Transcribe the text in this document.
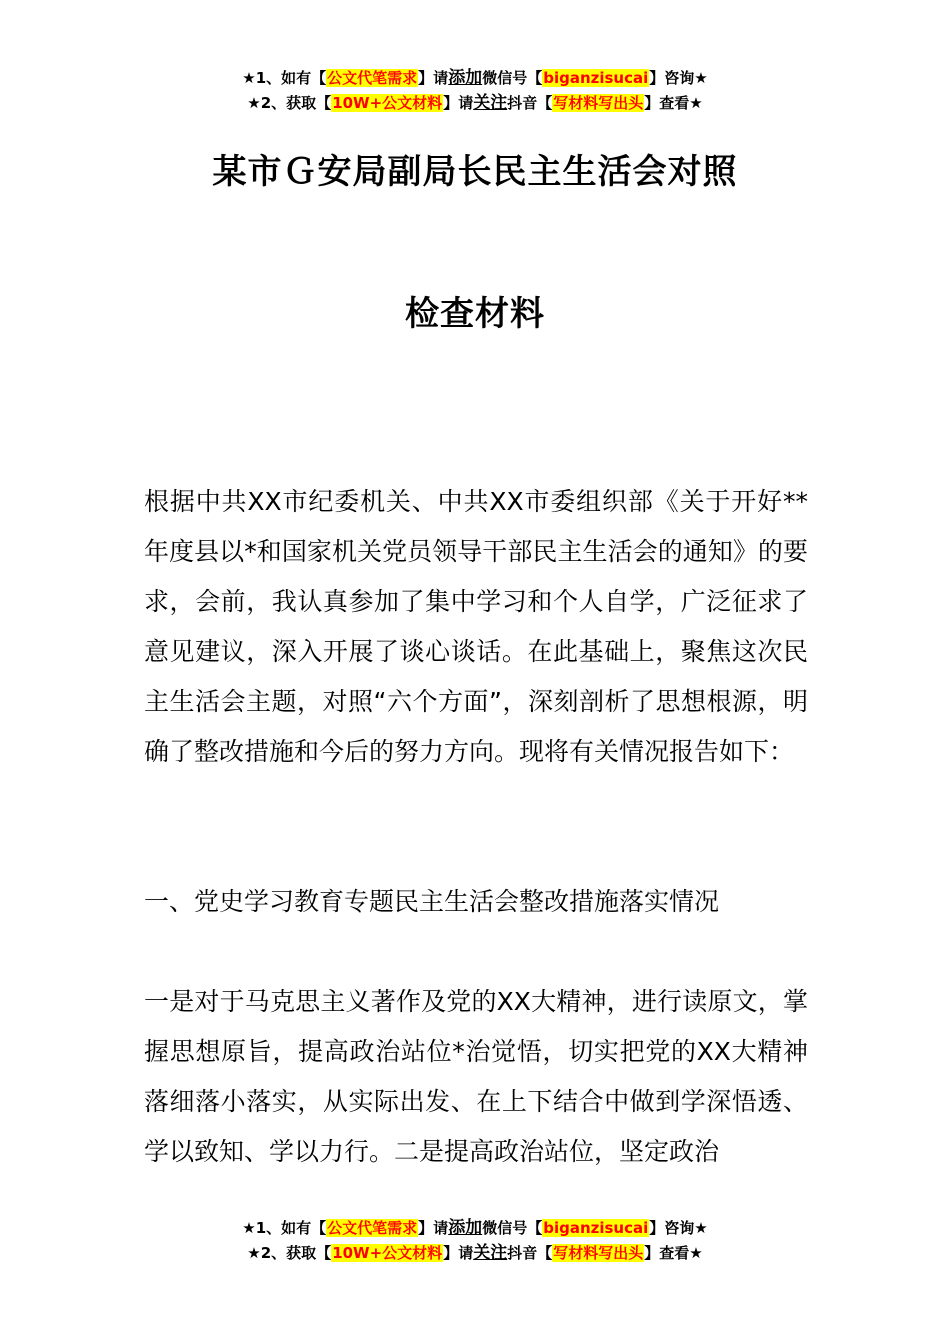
★1、如有【公文代笔需求】请添加微信号【biganzisucai】咨询★
★2、获取【10W+公文材料】请关注抖音【写材料写出头】查看★
某市Ｇ安局副局长民主生活会对照
检查材料

根据中共XX市纪委机关、中共XX市委组织部《关于开好**年度县以*和国家机关党员领导干部民主生活会的通知》的要求，会前，我认真参加了集中学习和个人自学，广泛征求了意见建议，深入开展了谈心谈话。在此基础上，聚焦这次民主生活会主题，对照“六个方面”，深刻剖析了思想根源，明确了整改措施和今后的努力方向。现将有关情况报告如下：

一、党史学习教育专题民主生活会整改措施落实情况

一是对于马克思主义著作及党的XX大精神，进行读原文，掌握思想原旨，提高政治站位*治觉悟，切实把党的XX大精神落细落小落实，从实际出发、在上下结合中做到学深悟透、学以致知、学以力行。二是提高政治站位，坚定政治

★1、如有【公文代笔需求】请添加微信号【biganzisucai】咨询★
★2、获取【10W+公文材料】请关注抖音【写材料写出头】查看★
